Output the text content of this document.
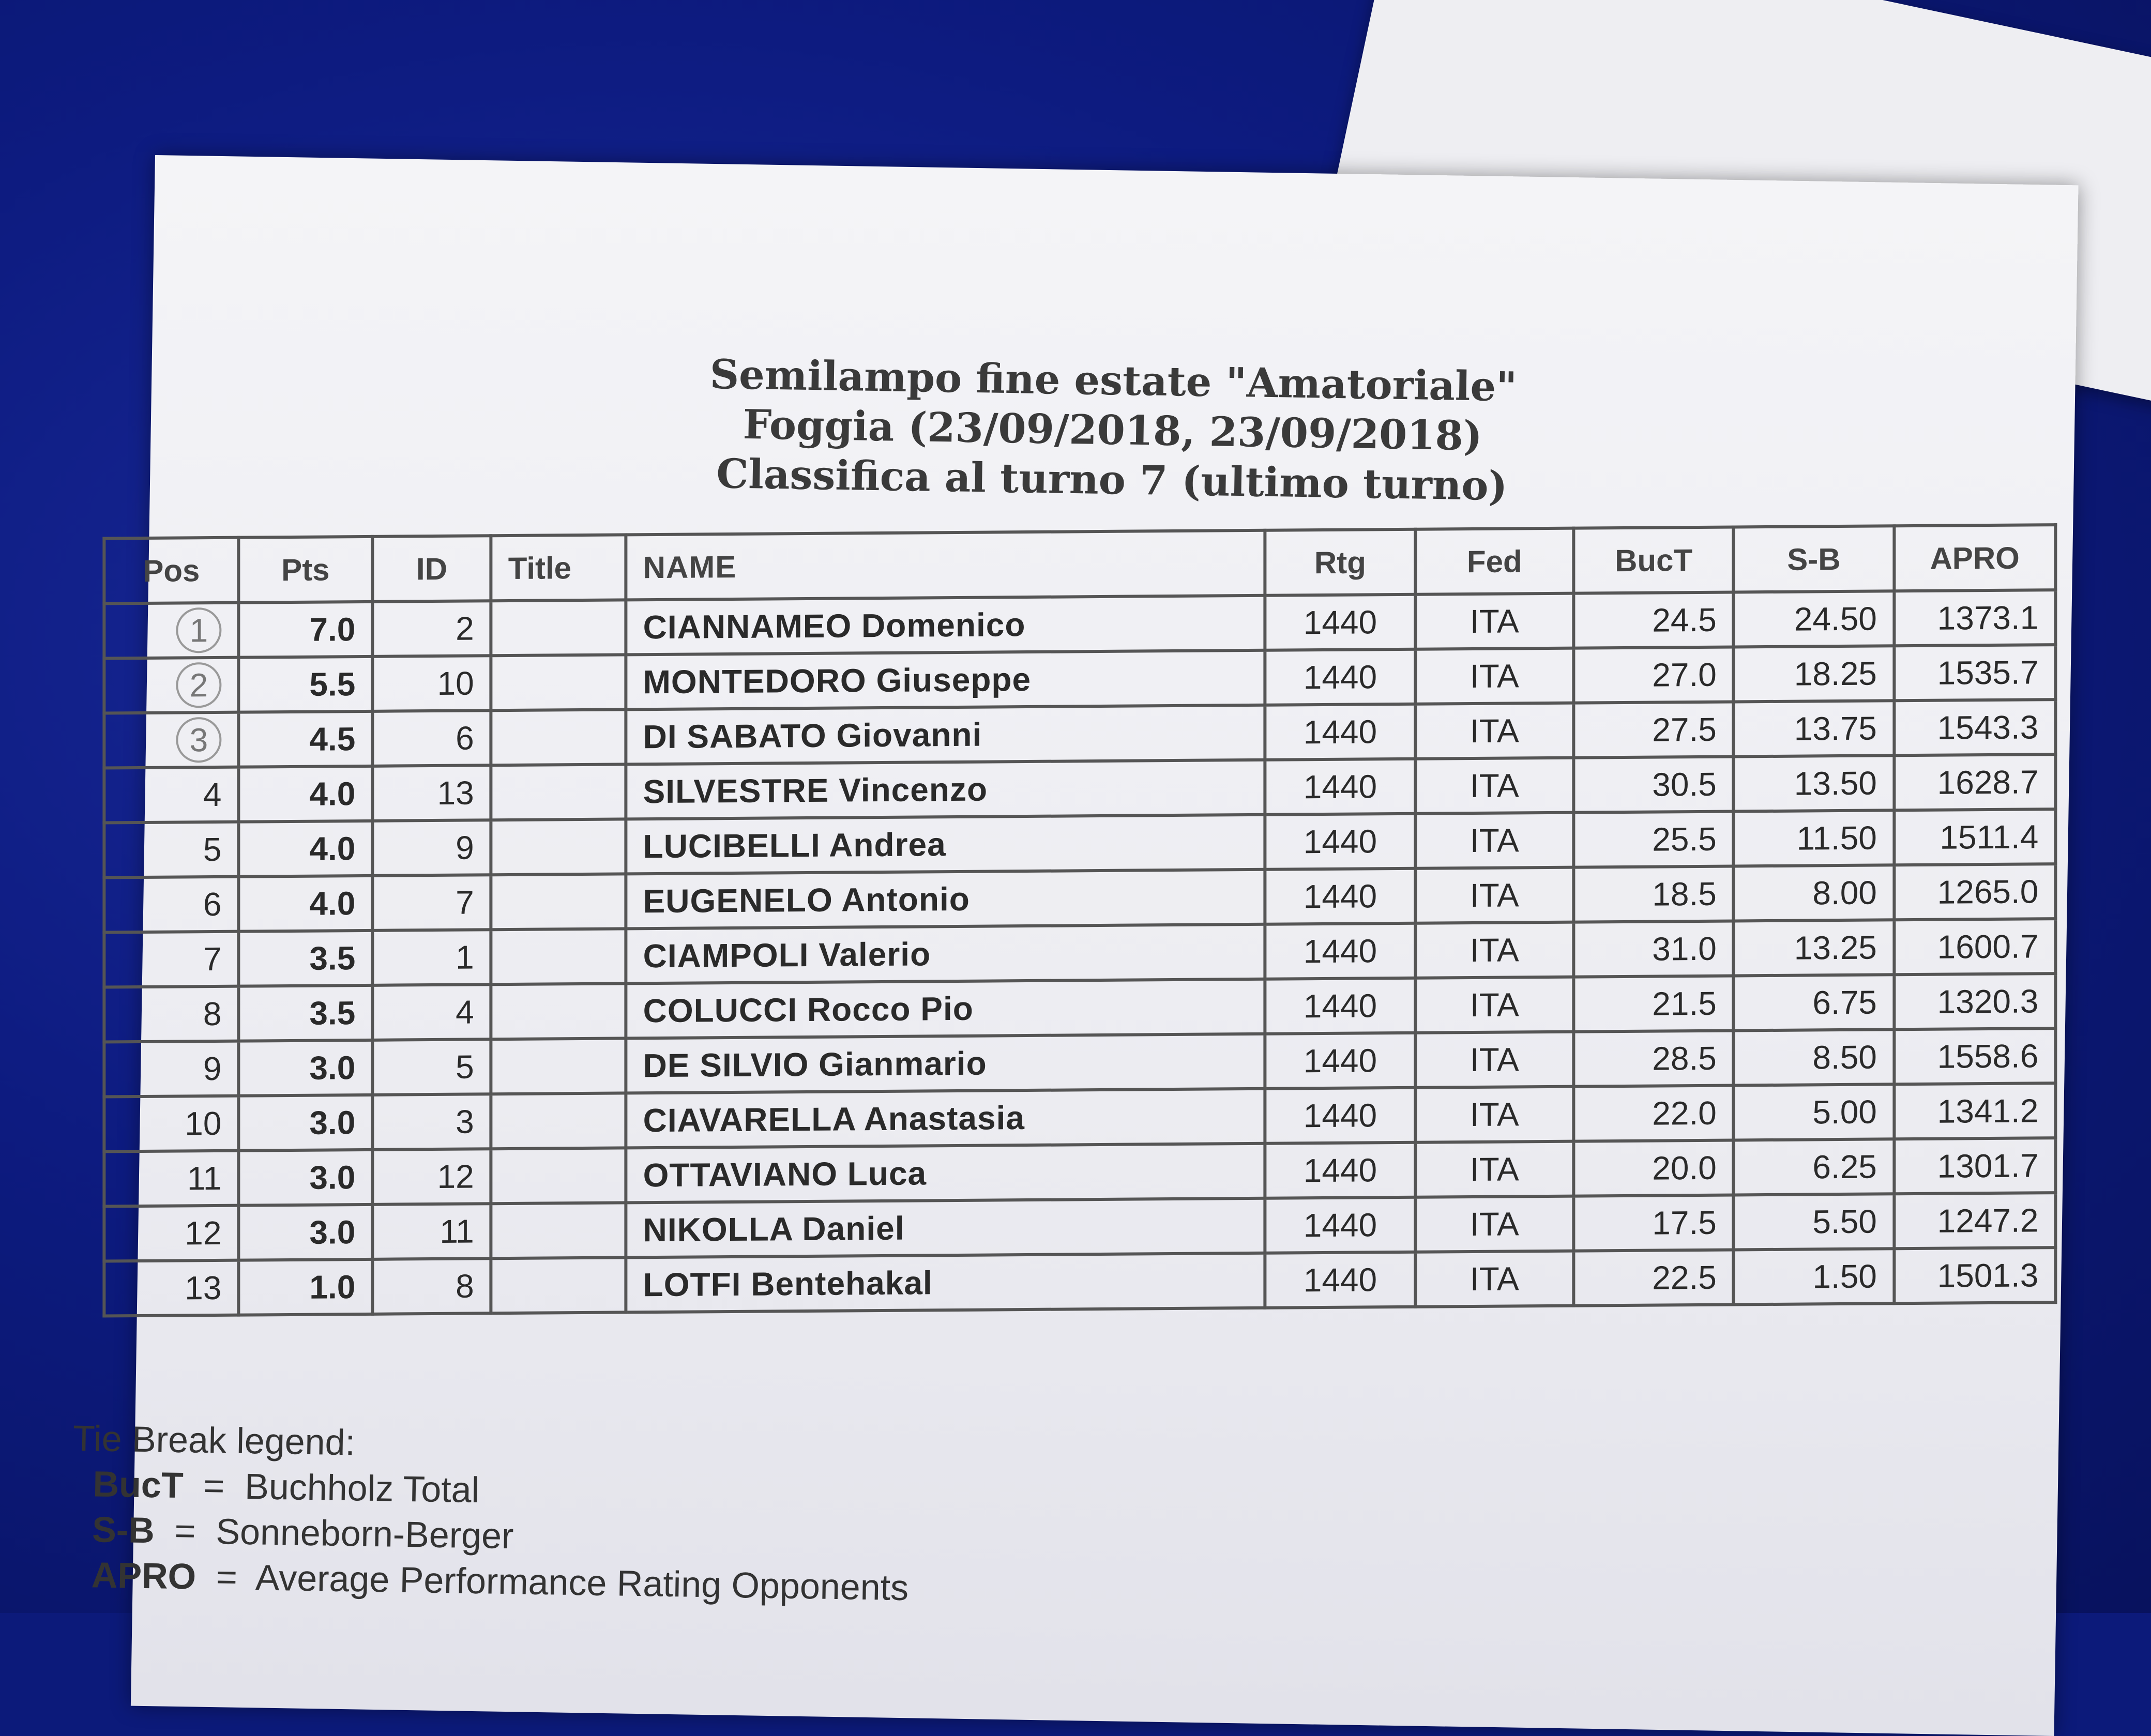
Semilampo fine estate "Amatoriale"
Foggia (23/09/2018, 23/09/2018)
Classifica al turno 7 (ultimo turno)
Pos	Pts	ID	Title	NAME	Rtg	Fed	BucT	S-B	APRO
1	7.0	2		CIANNAMEO Domenico	1440	ITA	24.5	24.50	1373.1
2	5.5	10		MONTEDORO Giuseppe	1440	ITA	27.0	18.25	1535.7
3	4.5	6		DI SABATO Giovanni	1440	ITA	27.5	13.75	1543.3
4	4.0	13		SILVESTRE Vincenzo	1440	ITA	30.5	13.50	1628.7
5	4.0	9		LUCIBELLI Andrea	1440	ITA	25.5	11.50	1511.4
6	4.0	7		EUGENELO Antonio	1440	ITA	18.5	8.00	1265.0
7	3.5	1		CIAMPOLI Valerio	1440	ITA	31.0	13.25	1600.7
8	3.5	4		COLUCCI Rocco Pio	1440	ITA	21.5	6.75	1320.3
9	3.0	5		DE SILVIO Gianmario	1440	ITA	28.5	8.50	1558.6
10	3.0	3		CIAVARELLA Anastasia	1440	ITA	22.0	5.00	1341.2
11	3.0	12		OTTAVIANO Luca	1440	ITA	20.0	6.25	1301.7
12	3.0	11		NIKOLLA Daniel	1440	ITA	17.5	5.50	1247.2
13	1.0	8		LOTFI Bentehakal	1440	ITA	22.5	1.50	1501.3
Tie Break legend:
BucT = Buchholz Total
S-B = Sonneborn-Berger
APRO = Average Performance Rating Opponents
